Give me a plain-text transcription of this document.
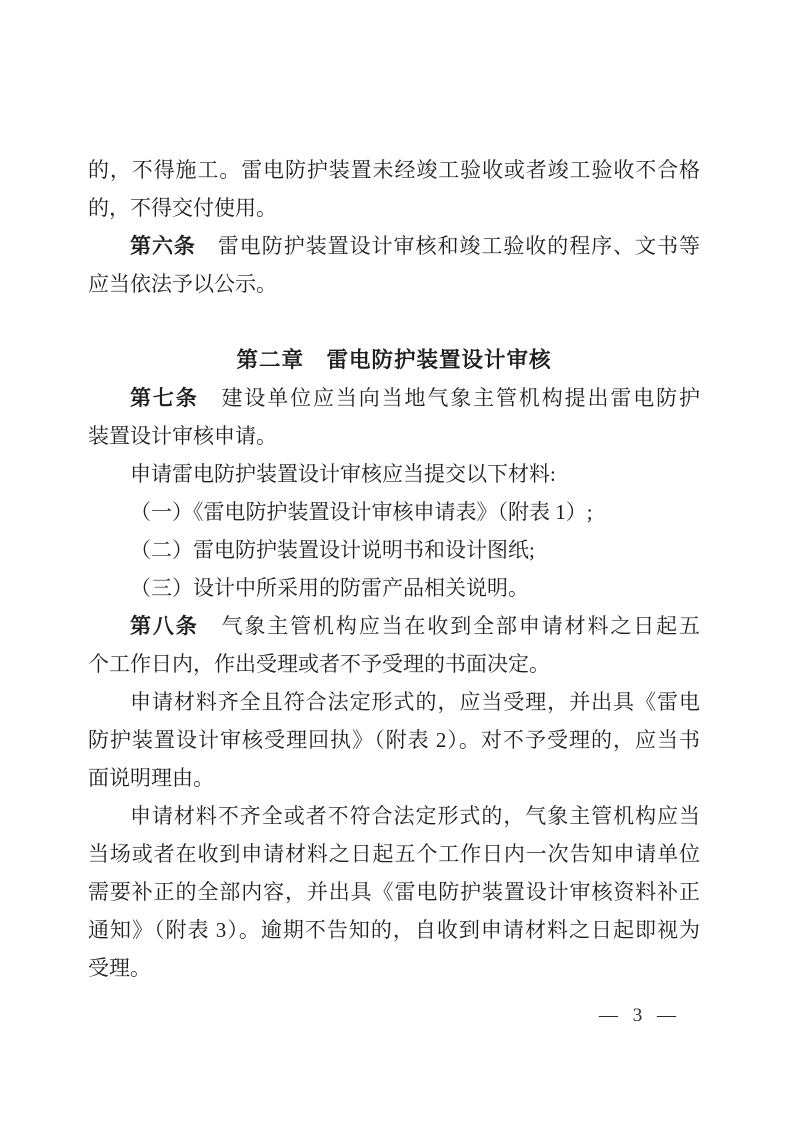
的，不得施工。雷电防护装置未经竣工验收或者竣工验收不合格
的，不得交付使用。
第六条　雷电防护装置设计审核和竣工验收的程序、文书等
应当依法予以公示。
第二章　雷电防护装置设计审核
第七条　建设单位应当向当地气象主管机构提出雷电防护
装置设计审核申请。
申请雷电防护装置设计审核应当提交以下材料:
（一）《雷电防护装置设计审核申请表》（附表 1）;
（二）雷电防护装置设计说明书和设计图纸;
（三）设计中所采用的防雷产品相关说明。
第八条　气象主管机构应当在收到全部申请材料之日起五
个工作日内，作出受理或者不予受理的书面决定。
申请材料齐全且符合法定形式的，应当受理，并出具《雷电
防护装置设计审核受理回执》（附表 2）。对不予受理的，应当书
面说明理由。
申请材料不齐全或者不符合法定形式的，气象主管机构应当
当场或者在收到申请材料之日起五个工作日内一次告知申请单位
需要补正的全部内容，并出具《雷电防护装置设计审核资料补正
通知》（附表 3）。逾期不告知的，自收到申请材料之日起即视为
受理。
— 3 —
